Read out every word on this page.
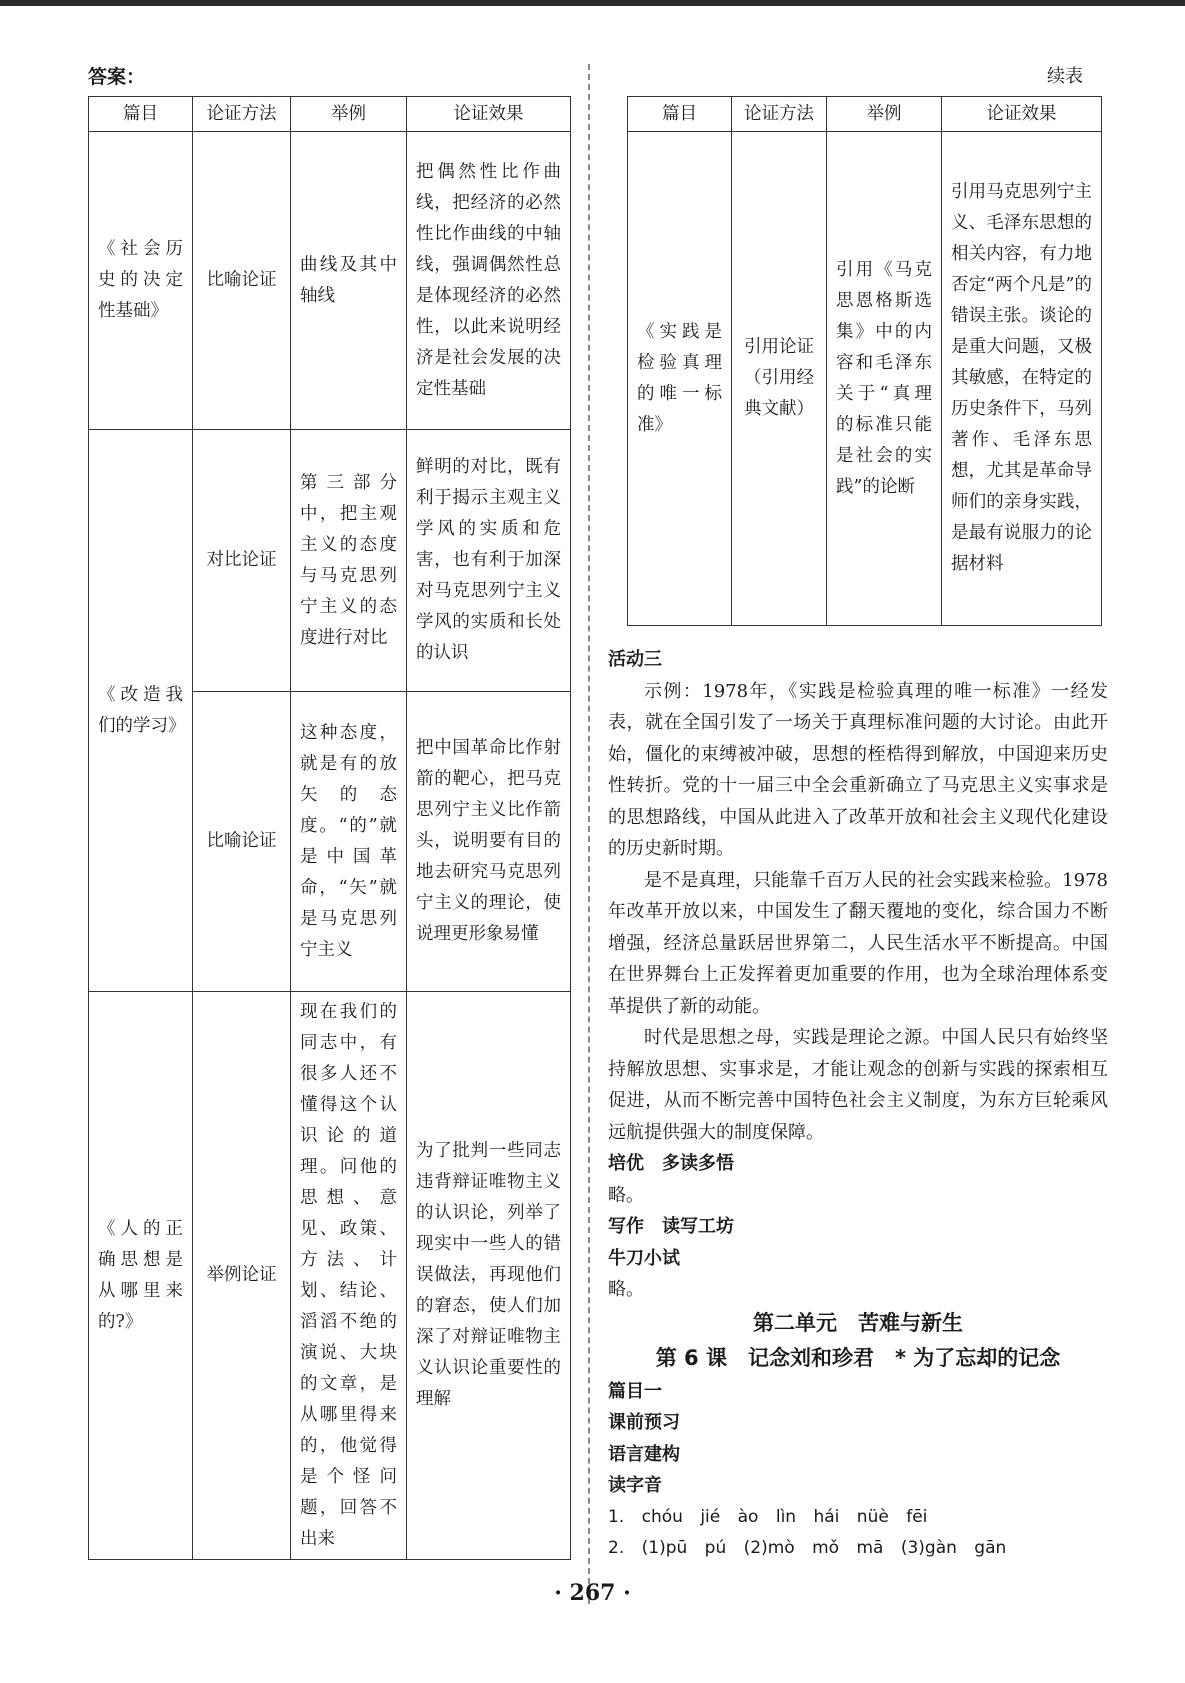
答案：	续表
篇目	论证方法	举例	论证效果
《社会历史的决定性基础》	比喻论证	曲线及其中轴线	把偶然性比作曲线，把经济的必然性比作曲线的中轴线，强调偶然性总是体现经济的必然性，以此来说明经济是社会发展的决定性基础
《改造我们的学习》	对比论证	第三部分中，把主观主义的态度与马克思列宁主义的态度进行对比	鲜明的对比，既有利于揭示主观主义学风的实质和危害，也有利于加深对马克思列宁主义学风的实质和长处的认识
	比喻论证	这种态度，就是有的放矢的态度。“的”就是中国革命，“矢”就是马克思列宁主义	把中国革命比作射箭的靶心，把马克思列宁主义比作箭头，说明要有目的地去研究马克思列宁主义的理论，使说理更形象易懂
《人的正确思想是从哪里来的?》	举例论证	现在我们的同志中，有很多人还不懂得这个认识论的道理。问他的思想、意见、政策、方法、计划、结论、滔滔不绝的演说、大块的文章，是从哪里得来的，他觉得是个怪问题，回答不出来	为了批判一些同志违背辩证唯物主义的认识论，列举了现实中一些人的错误做法，再现他们的窘态，使人们加深了对辩证唯物主义认识论重要性的理解
篇目	论证方法	举例	论证效果
《实践是检验真理的唯一标准》	引用论证（引用经典文献）	引用《马克思恩格斯选集》中的内容和毛泽东关于“真理的标准只能是社会的实践”的论断	引用马克思列宁主义、毛泽东思想的相关内容，有力地否定“两个凡是”的错误主张。谈论的是重大问题，又极其敏感，在特定的历史条件下，马列著作、毛泽东思想，尤其是革命导师们的亲身实践，是最有说服力的论据材料
活动三

示例：1978年，《实践是检验真理的唯一标准》一经发表，就在全国引发了一场关于真理标准问题的大讨论。由此开始，僵化的束缚被冲破，思想的桎梏得到解放，中国迎来历史性转折。党的十一届三中全会重新确立了马克思主义实事求是的思想路线，中国从此进入了改革开放和社会主义现代化建设的历史新时期。

是不是真理，只能靠千百万人民的社会实践来检验。1978年改革开放以来，中国发生了翻天覆地的变化，综合国力不断增强，经济总量跃居世界第二，人民生活水平不断提高。中国在世界舞台上正发挥着更加重要的作用，也为全球治理体系变革提供了新的动能。

时代是思想之母，实践是理论之源。中国人民只有始终坚持解放思想、实事求是，才能让观念的创新与实践的探索相互促进，从而不断完善中国特色社会主义制度，为东方巨轮乘风远航提供强大的制度保障。

培优　多读多悟
略。
写作　读写工坊
牛刀小试
略。
第二单元　苦难与新生
第 6 课　记念刘和珍君　* 为了忘却的记念
篇目一
课前预习
语言建构
读字音
1. chóu jié ào lìn hái nüè fēi
2. (1)pū pú (2)mò mǒ mā (3)gàn gān
· 267 ·
